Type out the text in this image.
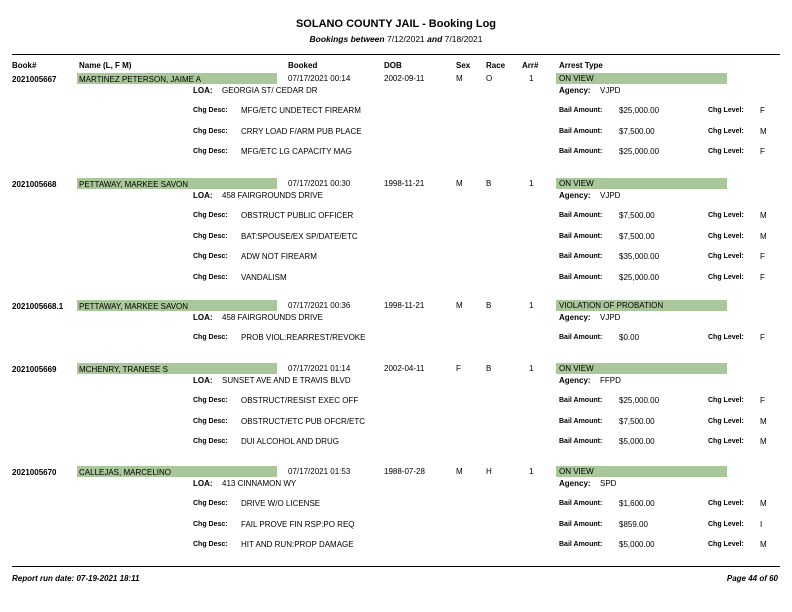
SOLANO COUNTY JAIL - Booking Log
Bookings between 7/12/2021 and 7/18/2021
Book#	Name (L, F M)	Booked	DOB	Sex Race Arr#	Arrest Type
2021005667	MARTINEZ PETERSON, JAIME A	07/17/2021 00:14	2002-09-11	M	O	1	ON VIEW
LOA: GEORGIA ST/ CEDAR DR	Agency: VJPD
Chg Desc: MFG/ETC UNDETECT FIREARM	Bail Amount: $25,000.00	Chg Level: F
Chg Desc: CRRY LOAD F/ARM PUB PLACE	Bail Amount: $7,500.00	Chg Level: M
Chg Desc: MFG/ETC LG CAPACITY MAG	Bail Amount: $25,000.00	Chg Level: F
2021005668	PETTAWAY, MARKEE SAVON	07/17/2021 00:30	1998-11-21	M	B	1	ON VIEW
LOA: 458 FAIRGROUNDS DRIVE	Agency: VJPD
Chg Desc: OBSTRUCT PUBLIC OFFICER	Bail Amount: $7,500.00	Chg Level: M
Chg Desc: BAT:SPOUSE/EX SP/DATE/ETC	Bail Amount: $7,500.00	Chg Level: M
Chg Desc: ADW NOT FIREARM	Bail Amount: $35,000.00	Chg Level: F
Chg Desc: VANDALISM	Bail Amount: $25,000.00	Chg Level: F
2021005668.1 PETTAWAY, MARKEE SAVON	07/17/2021 00:36	1998-11-21	M	B	1	VIOLATION OF PROBATION
LOA: 458 FAIRGROUNDS DRIVE	Agency: VJPD
Chg Desc: PROB VIOL:REARREST/REVOKE	Bail Amount: $0.00	Chg Level: F
2021005669	MCHENRY, TRANESE S	07/17/2021 01:14	2002-04-11	F	B	1	ON VIEW
LOA: SUNSET AVE AND E TRAVIS BLVD	Agency: FFPD
Chg Desc: OBSTRUCT/RESIST EXEC OFF	Bail Amount: $25,000.00	Chg Level: F
Chg Desc: OBSTRUCT/ETC PUB OFCR/ETC	Bail Amount: $7,500.00	Chg Level: M
Chg Desc: DUI ALCOHOL AND DRUG	Bail Amount: $5,000.00	Chg Level: M
2021005670	CALLEJAS, MARCELINO	07/17/2021 01:53	1988-07-28	M	H	1	ON VIEW
LOA: 413 CINNAMON WY	Agency: SPD
Chg Desc: DRIVE W/O LICENSE	Bail Amount: $1,600.00	Chg Level: M
Chg Desc: FAIL PROVE FIN RSP:PO REQ	Bail Amount: $859.00	Chg Level: I
Chg Desc: HIT AND RUN:PROP DAMAGE	Bail Amount: $5,000.00	Chg Level: M
Report run date: 07-19-2021 18:11	Page 44 of 60
